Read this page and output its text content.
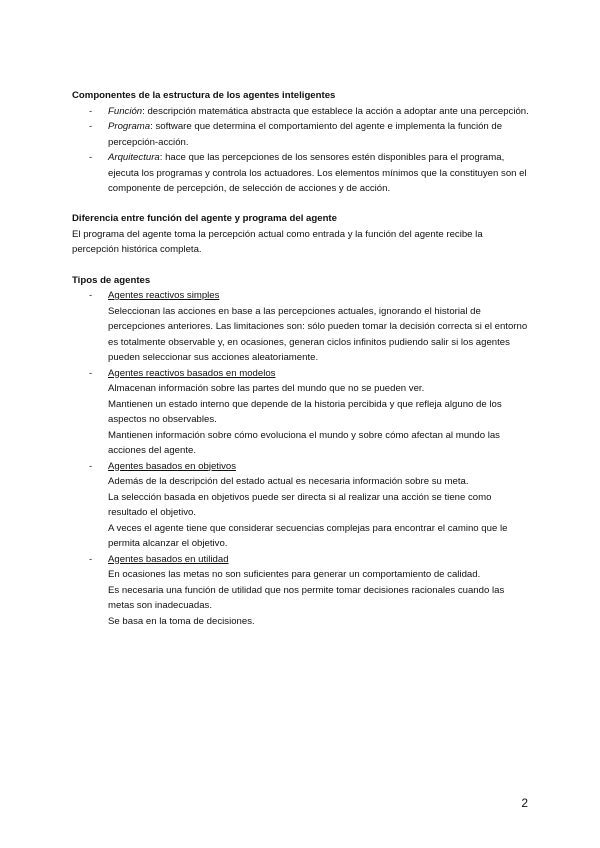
Componentes de la estructura de los agentes inteligentes

- Función: descripción matemática abstracta que establece la acción a adoptar ante una percepción.
- Programa: software que determina el comportamiento del agente e implementa la función de percepción-acción.
- Arquitectura: hace que las percepciones de los sensores estén disponibles para el programa, ejecuta los programas y controla los actuadores. Los elementos mínimos que la constituyen son el componente de percepción, de selección de acciones y de acción.

Diferencia entre función del agente y programa del agente

El programa del agente toma la percepción actual como entrada y la función del agente recibe la percepción histórica completa.

Tipos de agentes

- Agentes reactivos simples
Seleccionan las acciones en base a las percepciones actuales, ignorando el historial de percepciones anteriores. Las limitaciones son: sólo pueden tomar la decisión correcta si el entorno es totalmente observable y, en ocasiones, generan ciclos infinitos pudiendo salir si los agentes pueden seleccionar sus acciones aleatoriamente.
- Agentes reactivos basados en modelos
Almacenan información sobre las partes del mundo que no se pueden ver.
Mantienen un estado interno que depende de la historia percibida y que refleja alguno de los aspectos no observables.
Mantienen información sobre cómo evoluciona el mundo y sobre cómo afectan al mundo las acciones del agente.
- Agentes basados en objetivos
Además de la descripción del estado actual es necesaria información sobre su meta.
La selección basada en objetivos puede ser directa si al realizar una acción se tiene como resultado el objetivo.
A veces el agente tiene que considerar secuencias complejas para encontrar el camino que le permita alcanzar el objetivo.
- Agentes basados en utilidad
En ocasiones las metas no son suficientes para generar un comportamiento de calidad.
Es necesaria una función de utilidad que nos permite tomar decisiones racionales cuando las metas son inadecuadas.
Se basa en la toma de decisiones.
2
